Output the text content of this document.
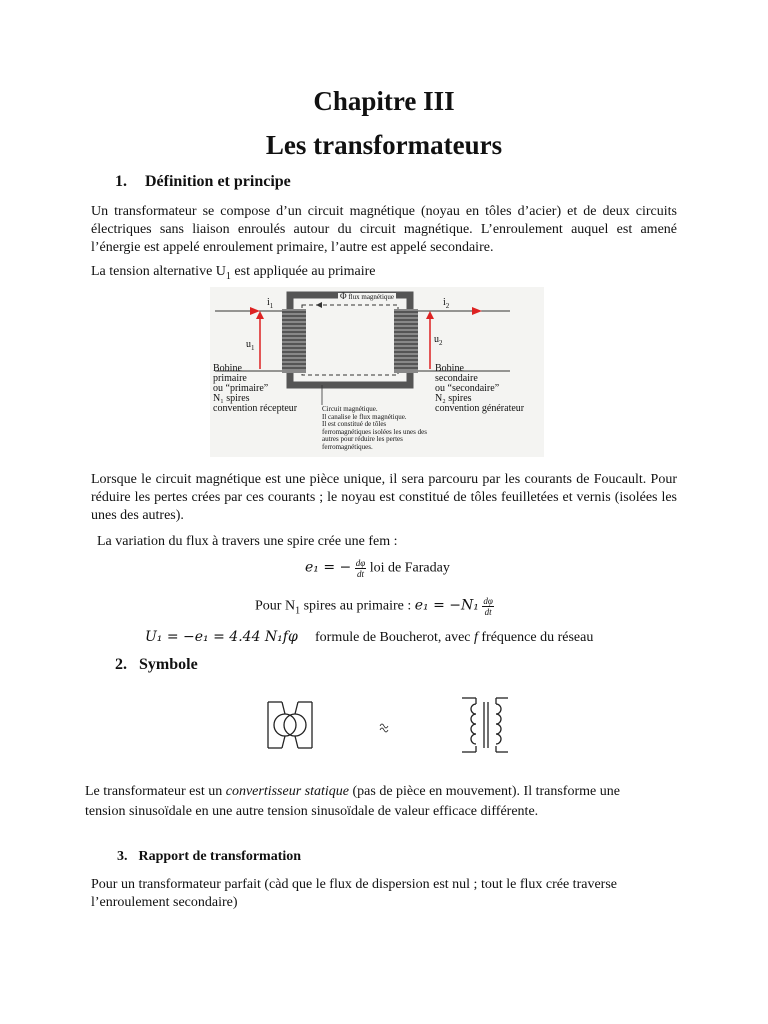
Chapitre III
Les transformateurs
1. Définition et principe
Un transformateur se compose d’un circuit magnétique (noyau en tôles d’acier) et de deux circuits électriques sans liaison enroulés autour du circuit magnétique. L’enroulement auquel est amené l’énergie est appelé enroulement primaire, l’autre est appelé secondaire.
La tension alternative $U_1$ est appliquée au primaire
$i_1$	$i_2$
$u_1$
$u_2$
Φ flux magnétique
Bobine
primaire
ou “primaire”
N₁ spires
convention récepteur
Bobine
secondaire
ou “secondaire”
N₂ spires
convention générateur
Circuit magnétique.
Il canalise le flux magnétique.
Il est constitué de tôles
ferromagnétiques isolées les unes des
autres pour réduire les pertes
ferromagnétiques.
Lorsque le circuit magnétique est une pièce unique, il sera parcouru par les courants de Foucault. Pour réduire les pertes crées par ces courants ; le noyau est constitué de tôles feuilletées et vernis (isolées les unes des autres).
La variation du flux à travers une spire crée une fem :
e₁ = − $\frac{d\varphi}{dt}$ loi de Faraday
Pour $N_1$ spires au primaire : $e_1 = -N_1 \frac{d\varphi}{dt}$
U₁ = −e₁ = 4.44 N₁fφ formule de Boucherot, avec f fréquence du réseau
2. Symbole
Le transformateur est un convertisseur statique (pas de pièce en mouvement). Il transforme une
tension sinusoïdale en une autre tension sinusoïdale de valeur efficace différente.
3. Rapport de transformation
Pour un transformateur parfait (càd que le flux de dispersion est nul ; tout le flux crée traverse l’enroulement secondaire)
